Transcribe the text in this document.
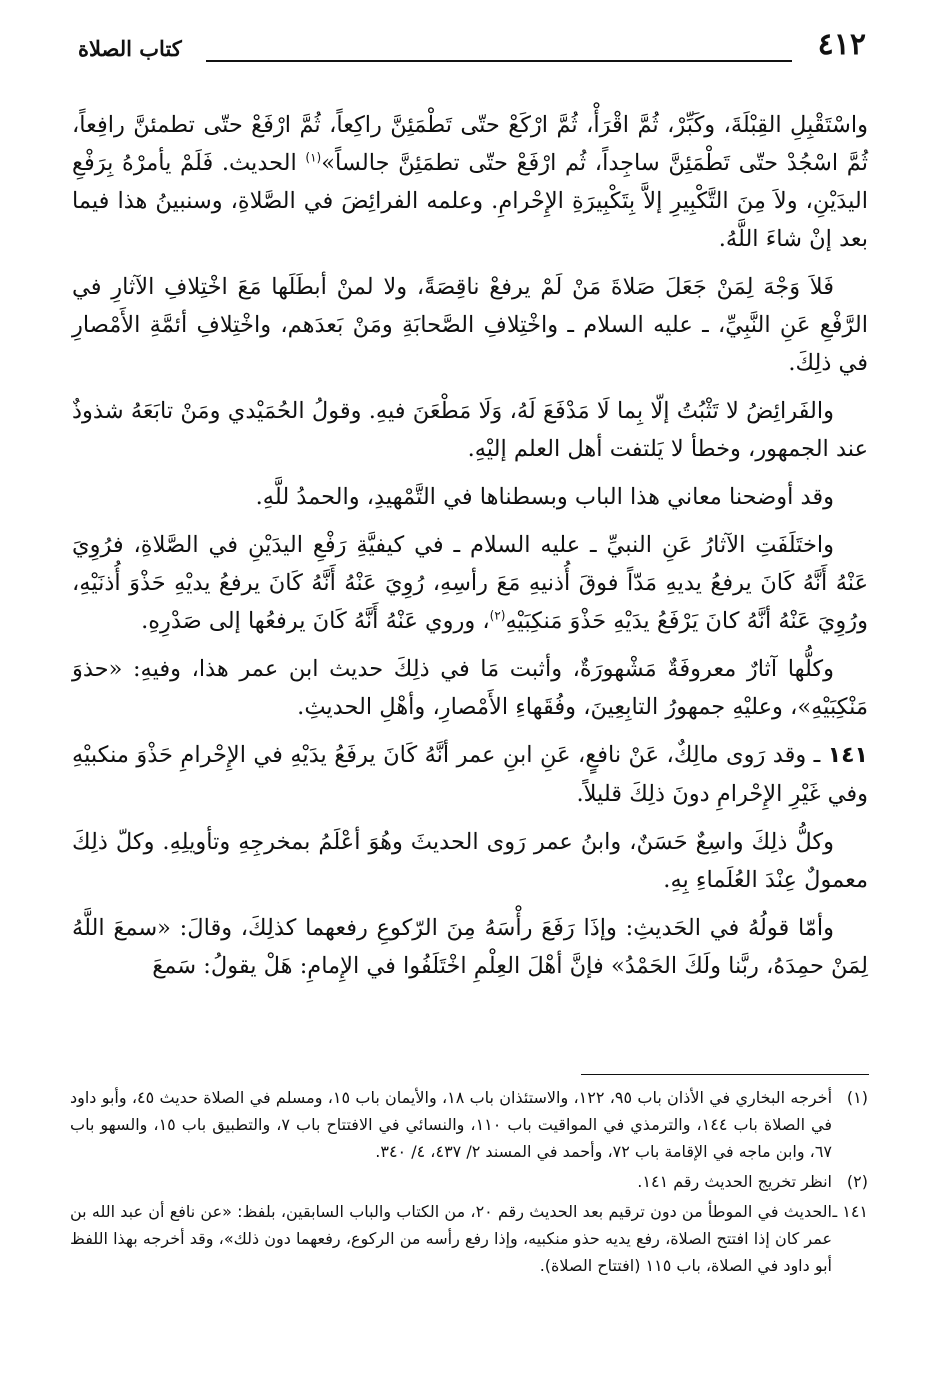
٤١٢
كتاب الصلاة

واسْتَقْبِلِ القِبْلَةَ، وكَبِّرْ، ثُمَّ اقْرَأْ، ثُمَّ ارْكَعْ حتّى تَطْمَئِنَّ راكِعاً، ثُمَّ ارْفَعْ حتّى تطمئنَّ رافِعاً، ثُمَّ اسْجُدْ حتّى تَطْمَئِنَّ ساجِداً، ثُم ارْفَعْ حتّى تطمَئِنَّ جالساً»$^{(١)}$ الحديث. فَلَمْ يأمرْهُ بِرَفْعِ اليدَيْنِ، ولاَ مِنَ التَّكْبِيرِ إلاَّ بِتَكْبِيرَةِ الإِحْرامِ. وعلمه الفرائِضَ في الصَّلاةِ، وسنبينُ هذا فيما بعد إنْ شاءَ اللَّهُ.

فَلاَ وَجْهَ لِمَنْ جَعَلَ صَلاةَ مَنْ لَمْ يرفعْ ناقِصَةً، ولا لمنْ أبطَلَها مَعَ اخْتِلافِ الآثارِ في الرَّفْعِ عَنِ النَّبِيِّ، ـ عليه السلام ـ واخْتِلافِ الصَّحابَةِ ومَنْ بَعدَهم، واخْتِلافِ أئمَّةِ الأَمْصارِ في ذلِكَ.

والفَرائِضُ لا تَثْبُتُ إلّا بِما لَا مَدْفَعَ لَهُ، وَلَا مَطْعَنَ فيهِ. وقولُ الحُمَيْدي ومَنْ تابَعَهُ شذوذٌ عند الجمهور، وخطأ لا يَلتفت أهل العلم إليْهِ.

وقد أوضحنا معاني هذا الباب وبسطناها في التَّمْهيدِ، والحمدُ للَّهِ.

واختَلَفَتِ الآثارُ عَنِ النبيِّ ـ عليه السلام ـ في كيفيَّةِ رَفْعِ اليدَيْنِ في الصَّلاةِ، فرُوِيَ عَنْهُ أَنَّهُ كَانَ يرفعُ يديهِ مَدّاً فوقَ أُذنيهِ مَعَ رأسِهِ، رُوِيَ عَنْهُ أَنَّهُ كَانَ يرفعُ يديْهِ حَذْوَ أُذنَيْهِ، ورُوِيَ عَنْهُ أنَّهُ كانَ يَرْفَعُ يدَيْهِ حَذْوَ مَنكِبَيْهِ$^{(٢)}$، وروي عَنْهُ أَنَّهُ كَانَ يرفعُها إلى صَدْرِهِ.

وكلُّها آثارٌ معروفَةٌ مَشْهورَةٌ، وأثبت مَا في ذلِكَ حديث ابن عمر هذا، وفيهِ: «حذوَ مَنْكِبَيْهِ»، وعليْهِ جمهورُ التابِعِينَ، وفُقَهاءِ الأَمْصارِ، وأهْلِ الحديثِ.

١٤١ ـ وقد رَوى مالِكٌ، عَنْ نافعٍ، عَنِ ابنِ عمر أنَّهُ كَانَ يرفَعُ يدَيْهِ في الإِحْرامِ حَذْوَ منكبيْهِ وفي غَيْرِ الإِحْرامِ دونَ ذلِكَ قليلاً.

وكلُّ ذلِكَ واسِعٌ حَسَنٌ، وابنُ عمر رَوى الحديثَ وهُوَ أعْلَمُ بمخرجِهِ وتأويلِهِ. وكلّ ذلِكَ معمولٌ عِنْدَ العُلَماءِ بِهِ.

وأمّا قولُهُ في الحَديثِ: وإذَا رَفَعَ رأْسَهُ مِنَ الرّكوعِ رفعهما كذلِكَ، وقالَ: «سمعَ اللَّهُ لِمَنْ حمِدَهُ، ربَّنا ولَكَ الحَمْدُ» فإنَّ أهْلَ العِلْمِ اخْتَلَفُوا في الإِمامِ: هَلْ يقولُ: سَمعَ

(١)أخرجه البخاري في الأذان باب ٩٥، ١٢٢، والاستئذان باب ١٨، والأيمان باب ١٥، ومسلم في الصلاة حديث ٤٥، وأبو داود في الصلاة باب ١٤٤، والترمذي في المواقيت باب ١١٠، والنسائي في الافتتاح باب ٧، والتطبيق باب ١٥، والسهو باب ٦٧، وابن ماجه في الإقامة باب ٧٢، وأحمد في المسند ٢/ ٤٣٧، ٤/ ٣٤٠.

(٢)انظر تخريج الحديث رقم ١٤١.

١٤١ ـالحديث في الموطأ من دون ترقيم بعد الحديث رقم ٢٠، من الكتاب والباب السابقين، بلفظ: «عن نافع أن عبد الله بن عمر كان إذا افتتح الصلاة، رفع يديه حذو منكبيه، وإذا رفع رأسه من الركوع، رفعهما دون ذلك»، وقد أخرجه بهذا اللفظ أبو داود في الصلاة، باب ١١٥ (افتتاح الصلاة).
